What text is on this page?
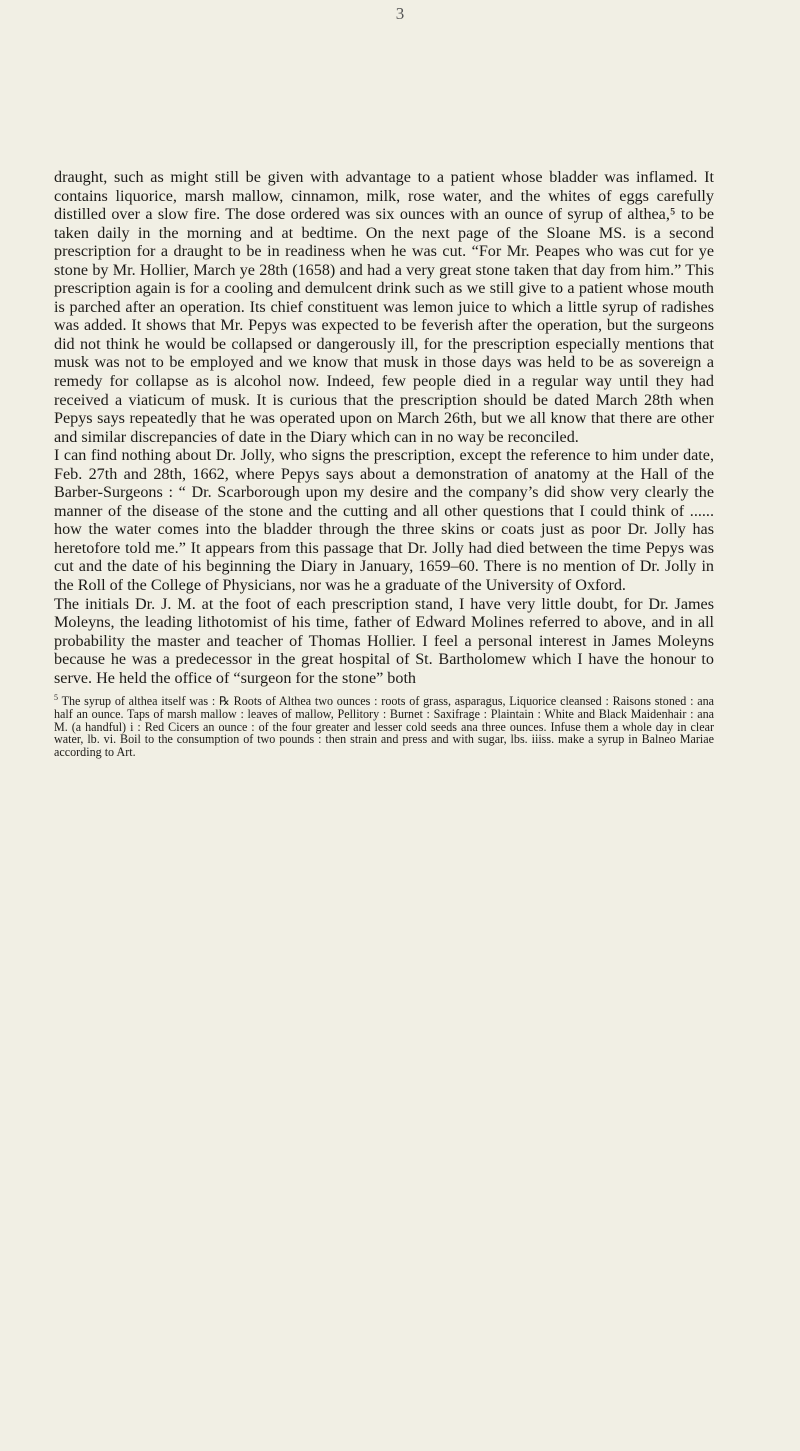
3

draught, such as might still be given with advantage to a patient whose bladder was inflamed. It contains liquorice, marsh mallow, cinnamon, milk, rose water, and the whites of eggs carefully distilled over a slow fire. The dose ordered was six ounces with an ounce of syrup of althea,⁵ to be taken daily in the morning and at bedtime. On the next page of the Sloane MS. is a second prescription for a draught to be in readiness when he was cut. “For Mr. Peapes who was cut for ye stone by Mr. Hollier, March ye 28th (1658) and had a very great stone taken that day from him.” This prescription again is for a cooling and demulcent drink such as we still give to a patient whose mouth is parched after an operation. Its chief constituent was lemon juice to which a little syrup of radishes was added. It shows that Mr. Pepys was expected to be feverish after the operation, but the surgeons did not think he would be collapsed or dangerously ill, for the prescription especially mentions that musk was not to be employed and we know that musk in those days was held to be as sovereign a remedy for collapse as is alcohol now. Indeed, few people died in a regular way until they had received a viaticum of musk. It is curious that the prescription should be dated March 28th when Pepys says repeatedly that he was operated upon on March 26th, but we all know that there are other and similar discrepancies of date in the Diary which can in no way be reconciled.

I can find nothing about Dr. Jolly, who signs the prescription, except the reference to him under date, Feb. 27th and 28th, 1662, where Pepys says about a demonstration of anatomy at the Hall of the Barber-Surgeons : “ Dr. Scarborough upon my desire and the company’s did show very clearly the manner of the disease of the stone and the cutting and all other questions that I could think of ...... how the water comes into the bladder through the three skins or coats just as poor Dr. Jolly has heretofore told me.” It appears from this passage that Dr. Jolly had died between the time Pepys was cut and the date of his beginning the Diary in January, 1659–60. There is no mention of Dr. Jolly in the Roll of the College of Physicians, nor was he a graduate of the University of Oxford.

The initials Dr. J. M. at the foot of each prescription stand, I have very little doubt, for Dr. James Moleyns, the leading lithotomist of his time, father of Edward Molines referred to above, and in all probability the master and teacher of Thomas Hollier. I feel a personal interest in James Moleyns because he was a predecessor in the great hospital of St. Bartholomew which I have the honour to serve. He held the office of “surgeon for the stone” both

$^5$ The syrup of althea itself was : ℞ Roots of Althea two ounces : roots of grass, asparagus, Liquorice cleansed : Raisons stoned : ana half an ounce. Taps of marsh mallow : leaves of mallow, Pellitory : Burnet : Saxifrage : Plaintain : White and Black Maidenhair : ana M. (a handful) i : Red Cicers an ounce : of the four greater and lesser cold seeds ana three ounces. Infuse them a whole day in clear water, lb. vi. Boil to the consumption of two pounds : then strain and press and with sugar, lbs. iiiss. make a syrup in Balneo Mariae according to Art.
